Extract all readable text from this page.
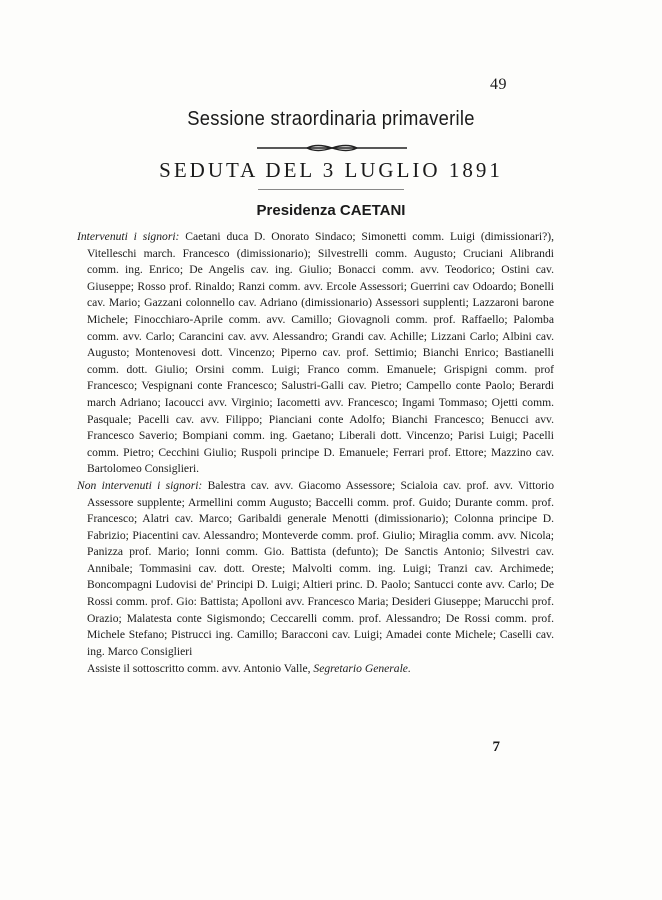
49
Sessione straordinaria primaverile
SEDUTA DEL 3 LUGLIO 1891
Presidenza CAETANI

Intervenuti i signori: Caetani duca D. Onorato Sindaco; Simonetti comm. Luigi (dimissionari?), Vitelleschi march. Francesco (dimissionario); Silvestrelli comm. Augusto; Cruciani Alibrandi comm. ing. Enrico; De Angelis cav. ing. Giulio; Bonacci comm. avv. Teodorico; Ostini cav. Giuseppe; Rosso prof. Rinaldo; Ranzi comm. avv. Ercole Assessori; Guerrini cav Odoardo; Bonelli cav. Mario; Gazzani colonnello cav. Adriano (dimissionario) Assessori supplenti; Lazzaroni barone Michele; Finocchiaro-Aprile comm. avv. Camillo; Giovagnoli comm. prof. Raffaello; Palomba comm. avv. Carlo; Carancini cav. avv. Alessandro; Grandi cav. Achille; Lizzani Carlo; Albini cav. Augusto; Montenovesi dott. Vincenzo; Piperno cav. prof. Settimio; Bianchi Enrico; Bastianelli comm. dott. Giulio; Orsini comm. Luigi; Franco comm. Emanuele; Grispigni comm. prof Francesco; Vespignani conte Francesco; Salustri-Galli cav. Pietro; Campello conte Paolo; Berardi march Adriano; Iacoucci avv. Virginio; Iacometti avv. Francesco; Ingami Tommaso; Ojetti comm. Pasquale; Pacelli cav. avv. Filippo; Pianciani conte Adolfo; Bianchi Francesco; Benucci avv. Francesco Saverio; Bompiani comm. ing. Gaetano; Liberali dott. Vincenzo; Parisi Luigi; Pacelli comm. Pietro; Cecchini Giulio; Ruspoli principe D. Emanuele; Ferrari prof. Ettore; Mazzino cav. Bartolomeo Consiglieri.

Non intervenuti i signori: Balestra cav. avv. Giacomo Assessore; Scialoia cav. prof. avv. Vittorio Assessore supplente; Armellini comm Augusto; Baccelli comm. prof. Guido; Durante comm. prof. Francesco; Alatri cav. Marco; Garibaldi generale Menotti (dimissionario); Colonna principe D. Fabrizio; Piacentini cav. Alessandro; Monteverde comm. prof. Giulio; Miraglia comm. avv. Nicola; Panizza prof. Mario; Ionni comm. Gio. Battista (defunto); De Sanctis Antonio; Silvestri cav. Annibale; Tommasini cav. dott. Oreste; Malvolti comm. ing. Luigi; Tranzi cav. Archimede; Boncompagni Ludovisi de' Principi D. Luigi; Altieri princ. D. Paolo; Santucci conte avv. Carlo; De Rossi comm. prof. Gio: Battista; Apolloni avv. Francesco Maria; Desideri Giuseppe; Marucchi prof. Orazio; Malatesta conte Sigismondo; Ceccarelli comm. prof. Alessandro; De Rossi comm. prof. Michele Stefano; Pistrucci ing. Camillo; Baracconi cav. Luigi; Amadei conte Michele; Caselli cav. ing. Marco Consiglieri

Assiste il sottoscritto comm. avv. Antonio Valle, Segretario Generale.

7
